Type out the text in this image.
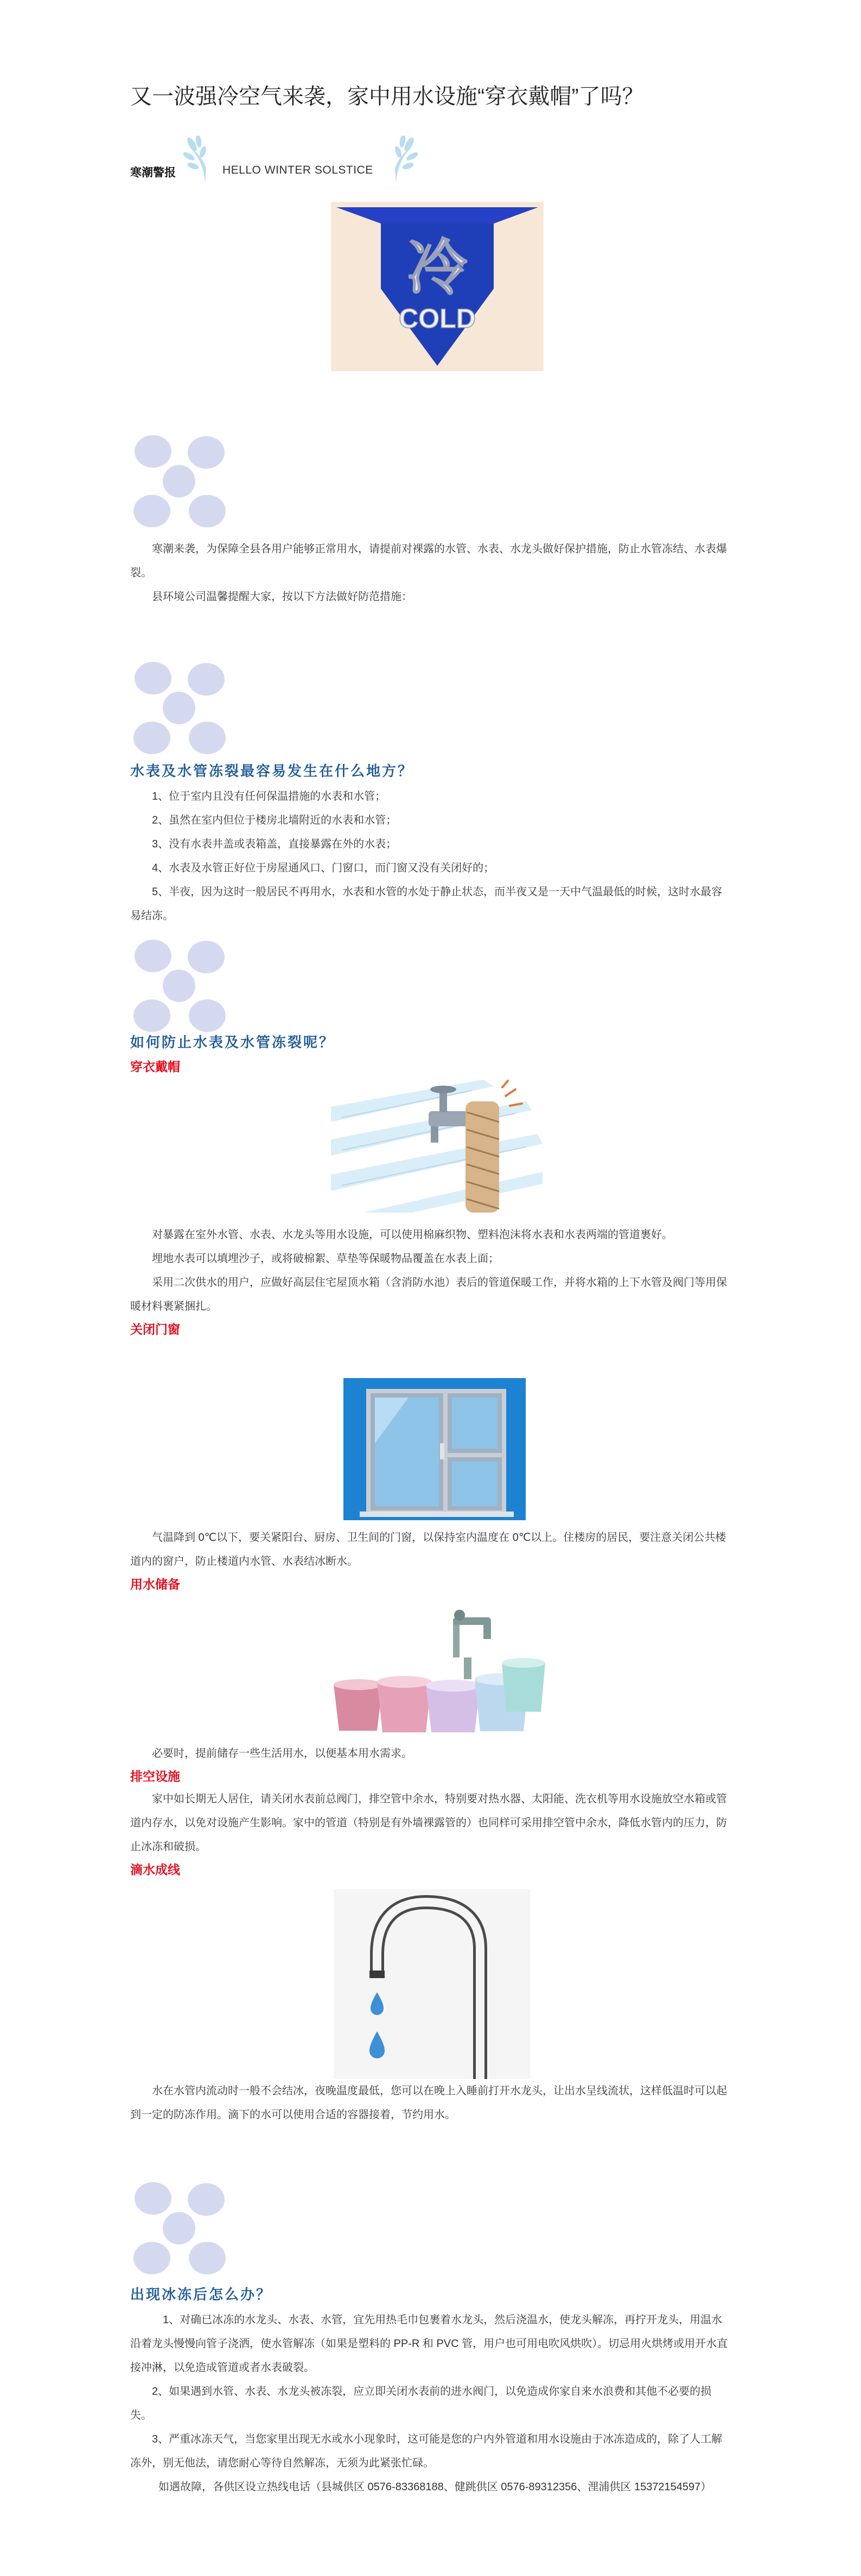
又一波强冷空气来袭，家中用水设施“穿衣戴帽”了吗？
寒潮警报	HELLO WINTER SOLSTICE
冷
COLD

寒潮来袭，为保障全县各用户能够正常用水，请提前对裸露的水管、水表、水龙头做好保护措施，防止水管冻结、水表爆裂。

县环境公司温馨提醒大家，按以下方法做好防范措施：

水表及水管冻裂最容易发生在什么地方？

1、位于室内且没有任何保温措施的水表和水管；

2、虽然在室内但位于楼房北墙附近的水表和水管；

3、没有水表井盖或表箱盖，直接暴露在外的水表；

4、水表及水管正好位于房屋通风口、门窗口，而门窗又没有关闭好的；

5、半夜，因为这时一般居民不再用水，水表和水管的水处于静止状态，而半夜又是一天中气温最低的时候，这时水最容易结冻。

如何防止水表及水管冻裂呢？
穿衣戴帽

对暴露在室外水管、水表、水龙头等用水设施，可以使用棉麻织物、塑料泡沫将水表和水表两端的管道裹好。

埋地水表可以填埋沙子，或将破棉絮、草垫等保暖物品覆盖在水表上面；

采用二次供水的用户，应做好高层住宅屋顶水箱（含消防水池）表后的管道保暖工作，并将水箱的上下水管及阀门等用保暖材料裹紧捆扎。

关闭门窗

气温降到 0℃以下，要关紧阳台、厨房、卫生间的门窗，以保持室内温度在 0℃以上。住楼房的居民，要注意关闭公共楼道内的窗户，防止楼道内水管、水表结冰断水。

用水储备

必要时，提前储存一些生活用水，以便基本用水需求。

排空设施

家中如长期无人居住，请关闭水表前总阀门，排空管中余水，特别要对热水器、太阳能、洗衣机等用水设施放空水箱或管道内存水，以免对设施产生影响。家中的管道（特别是有外墙裸露管的）也同样可采用排空管中余水，降低水管内的压力，防止冰冻和破损。

滴水成线

水在水管内流动时一般不会结冰，夜晚温度最低，您可以在晚上入睡前打开水龙头，让出水呈线流状，这样低温时可以起到一定的防冻作用。滴下的水可以使用合适的容器接着，节约用水。

出现冰冻后怎么办？

1、对确已冰冻的水龙头、水表、水管，宜先用热毛巾包裹着水龙头，然后浇温水，使龙头解冻，再拧开龙头，用温水沿着龙头慢慢向管子浇洒，使水管解冻（如果是塑料的 PP-R 和 PVC 管，用户也可用电吹风烘吹）。切忌用火烘烤或用开水直接冲淋，以免造成管道或者水表破裂。

2、如果遇到水管、水表、水龙头被冻裂，应立即关闭水表前的进水阀门，以免造成你家自来水浪费和其他不必要的损失。

3、严重冰冻天气，当您家里出现无水或水小现象时，这可能是您的户内外管道和用水设施由于冰冻造成的，除了人工解冻外，别无他法，请您耐心等待自然解冻，无须为此紧张忙碌。

如遇故障，各供区设立热线电话（县城供区 0576-83368188、健跳供区 0576-89312356、浬浦供区 15372154597）
